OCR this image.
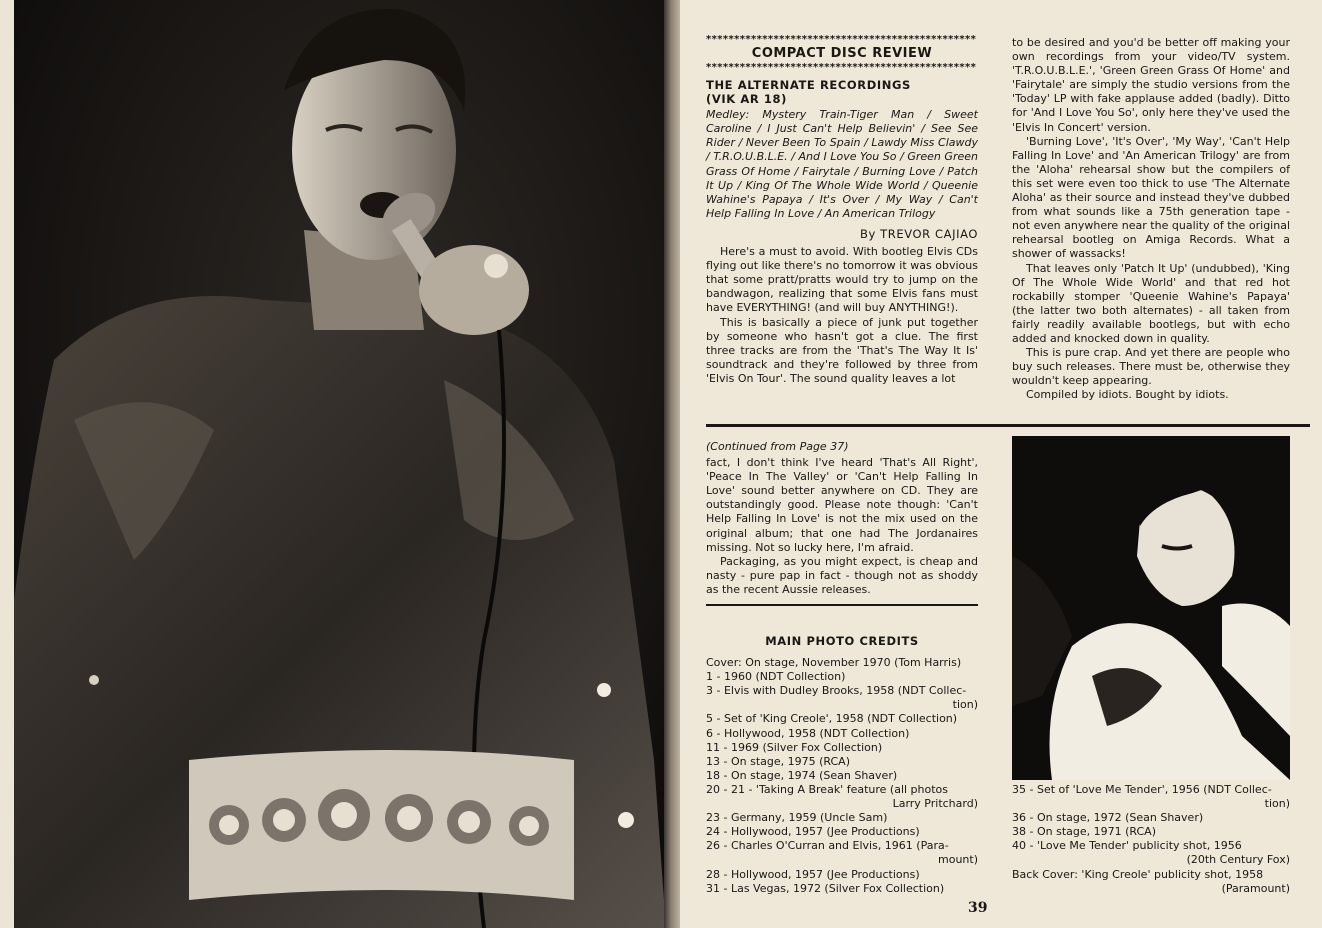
************************************************
COMPACT DISC REVIEW
************************************************
THE ALTERNATE RECORDINGS
(VIK AR 18)
Medley: Mystery Train-Tiger Man / Sweet Caroline / I Just Can't Help Believin' / See See Rider / Never Been To Spain / Lawdy Miss Clawdy / T.R.O.U.B.L.E. / And I Love You So / Green Green Grass Of Home / Fairytale / Burning Love / Patch It Up / King Of The Whole Wide World / Queenie Wahine's Papaya / It's Over / My Way / Can't Help Falling In Love / An American Trilogy
By TREVOR CAJIAO

Here's a must to avoid. With bootleg Elvis CDs flying out like there's no tomorrow it was obvious that some pratt/pratts would try to jump on the bandwagon, realizing that some Elvis fans must have EVERYTHING! (and will buy ANYTHING!).

This is basically a piece of junk put together by someone who hasn't got a clue. The first three tracks are from the 'That's The Way It Is' soundtrack and they're followed by three from 'Elvis On Tour'. The sound quality leaves a lot

to be desired and you'd be better off making your own recordings from your video/TV system. 'T.R.O.U.B.L.E.', 'Green Green Grass Of Home' and 'Fairytale' are simply the studio versions from the 'Today' LP with fake applause added (badly). Ditto for 'And I Love You So', only here they've used the 'Elvis In Concert' version.

'Burning Love', 'It's Over', 'My Way', 'Can't Help Falling In Love' and 'An American Trilogy' are from the 'Aloha' rehearsal show but the compilers of this set were even too thick to use 'The Alternate Aloha' as their source and instead they've dubbed from what sounds like a 75th generation tape - not even anywhere near the quality of the original rehearsal bootleg on Amiga Records. What a shower of wassacks!

That leaves only 'Patch It Up' (undubbed), 'King Of The Whole Wide World' and that red hot rockabilly stomper 'Queenie Wahine's Papaya' (the latter two both alternates) - all taken from fairly readily available bootlegs, but with echo added and knocked down in quality.

This is pure crap. And yet there are people who buy such releases. There must be, otherwise they wouldn't keep appearing.

Compiled by idiots. Bought by idiots.

(Continued from Page 37)

fact, I don't think I've heard 'That's All Right', 'Peace In The Valley' or 'Can't Help Falling In Love' sound better anywhere on CD. They are outstandingly good. Please note though: 'Can't Help Falling In Love' is not the mix used on the original album; that one had The Jordanaires missing. Not so lucky here, I'm afraid.

Packaging, as you might expect, is cheap and nasty - pure pap in fact - though not as shoddy as the recent Aussie releases.

MAIN PHOTO CREDITS
Cover: On stage, November 1970 (Tom Harris)
1 - 1960 (NDT Collection)
3 - Elvis with Dudley Brooks, 1958 (NDT Collec-
tion)
5 - Set of 'King Creole', 1958 (NDT Collection)
6 - Hollywood, 1958 (NDT Collection)
11 - 1969 (Silver Fox Collection)
13 - On stage, 1975 (RCA)
18 - On stage, 1974 (Sean Shaver)
20 - 21 - 'Taking A Break' feature (all photos
Larry Pritchard)
23 - Germany, 1959 (Uncle Sam)
24 - Hollywood, 1957 (Jee Productions)
26 - Charles O'Curran and Elvis, 1961 (Para-
mount)
28 - Hollywood, 1957 (Jee Productions)
31 - Las Vegas, 1972 (Silver Fox Collection)
35 - Set of 'Love Me Tender', 1956 (NDT Collec-
tion)
36 - On stage, 1972 (Sean Shaver)
38 - On stage, 1971 (RCA)
40 - 'Love Me Tender' publicity shot, 1956
(20th Century Fox)
Back Cover: 'King Creole' publicity shot, 1958
(Paramount)
39
